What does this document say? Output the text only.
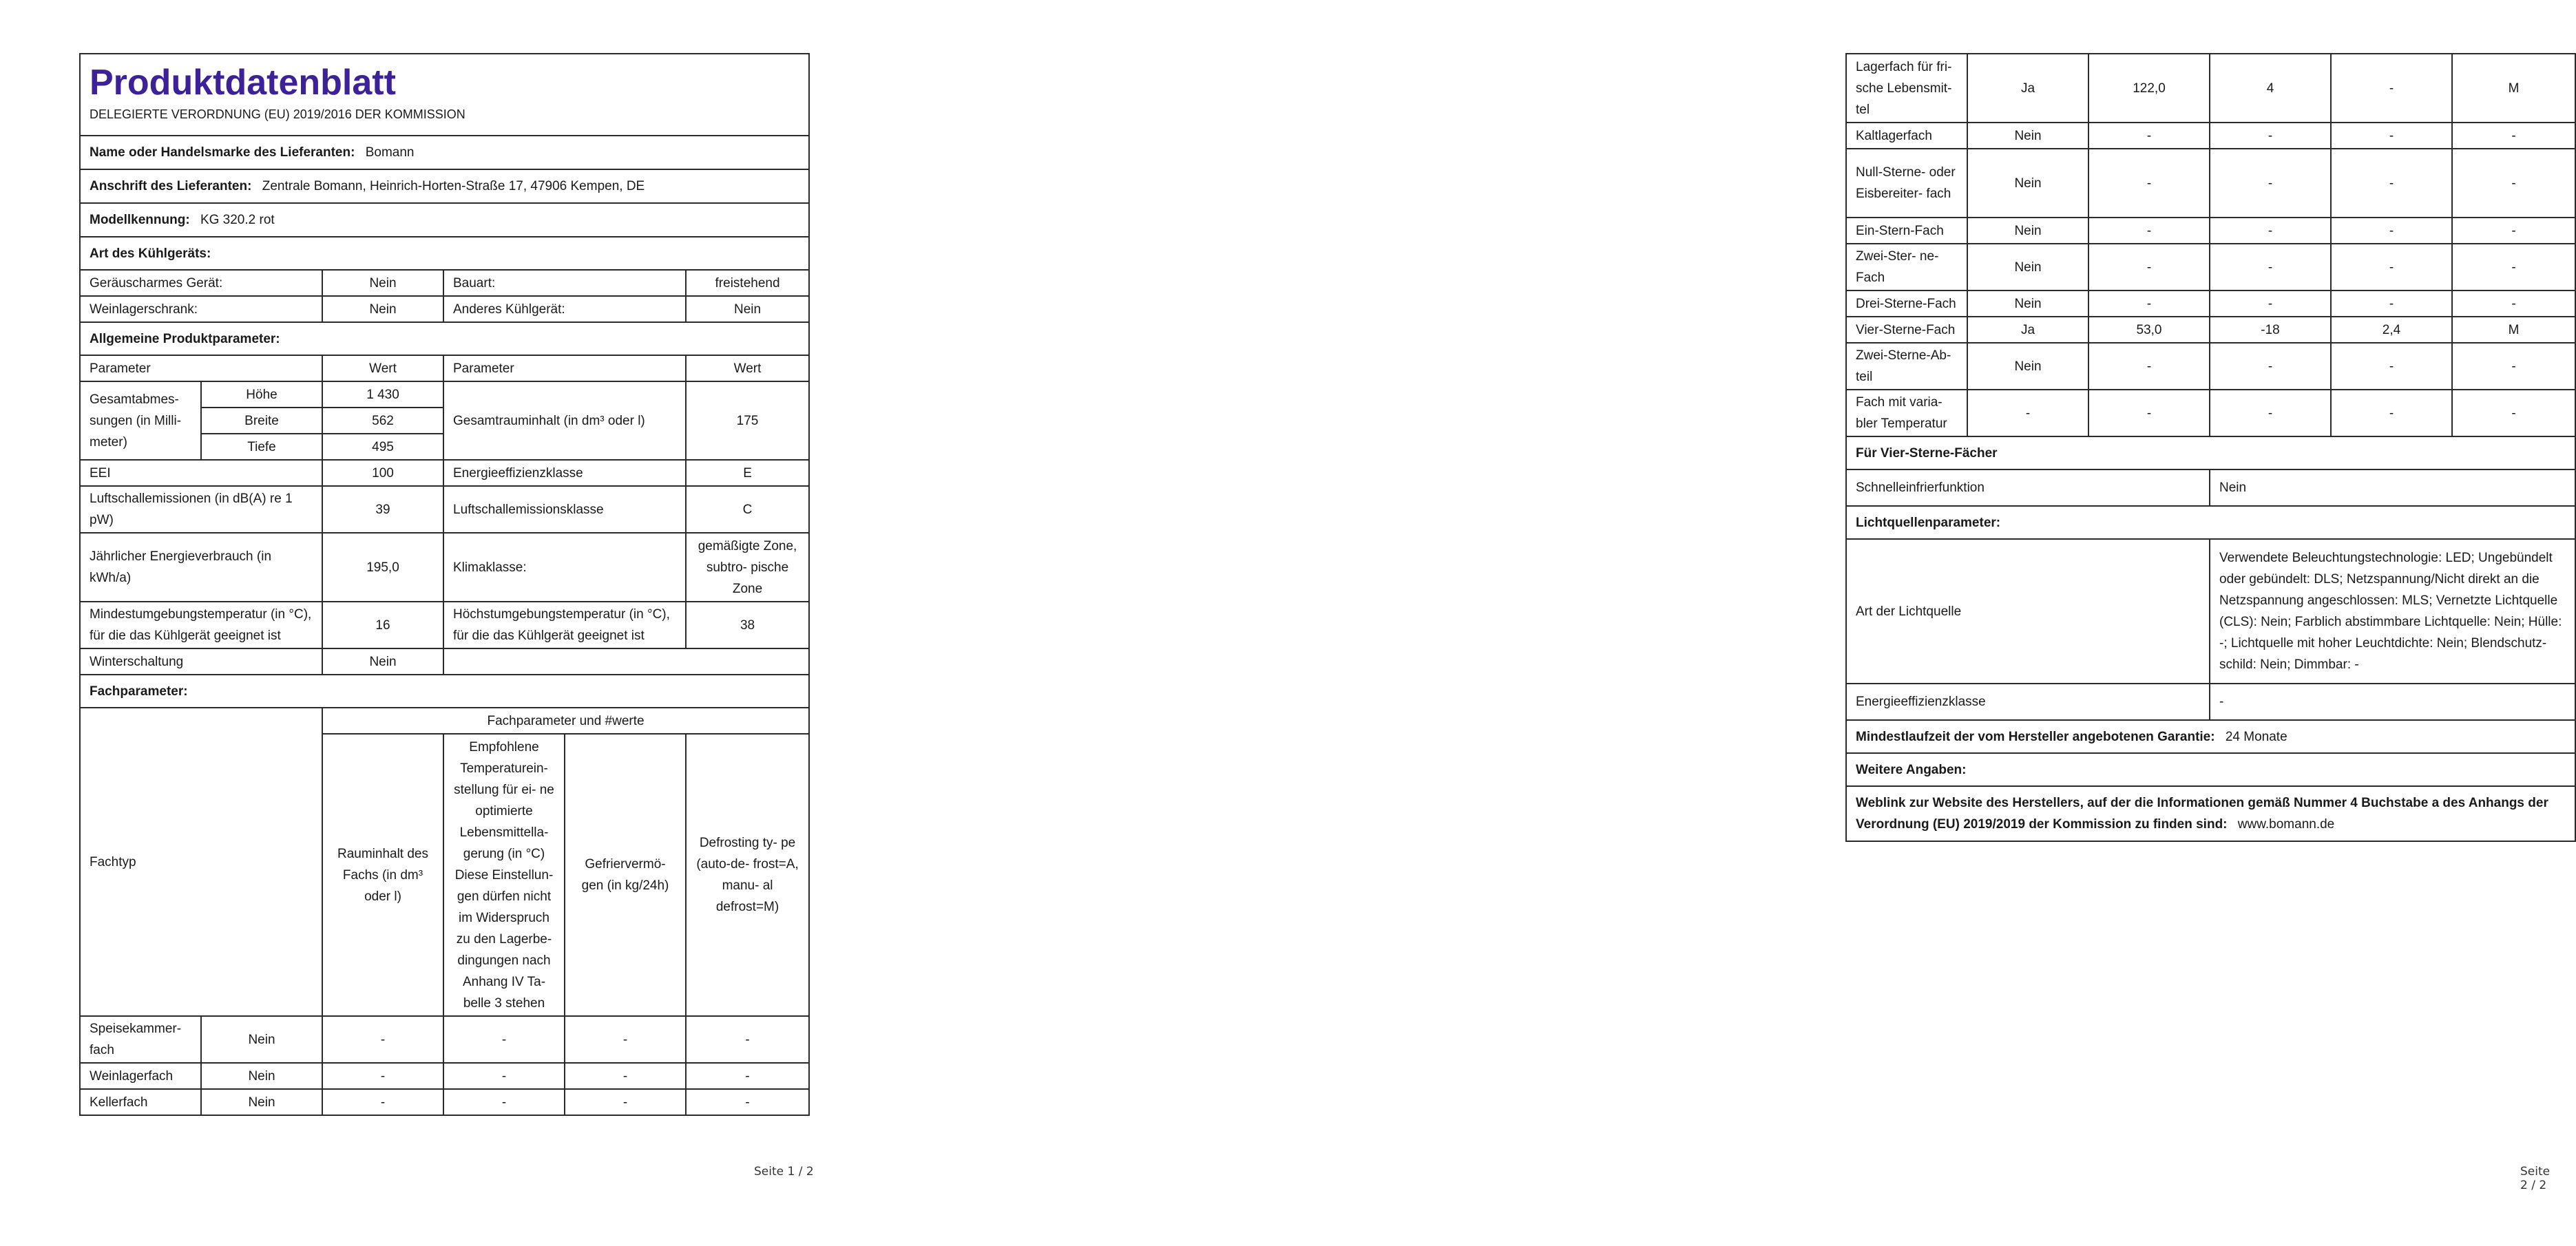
Produktdatenblatt
DELEGIERTE VERORDNUNG (EU) 2019/2016 DER KOMMISSION					

Name oder Handelsmarke des Lieferanten: Bomann					
Anschrift des Lieferanten: Zentrale Bomann, Heinrich-Horten-Straße 17, 47906 Kempen, DE					
Modellkennung: KG 320.2 rot					
Art des Kühlgeräts:					
Geräuscharmes Gerät:		Nein	Bauart:		freistehend
Weinlagerschrank:		Nein	Anderes Kühlgerät:		Nein
Allgemeine Produktparameter:					
Parameter		Wert	Parameter		Wert
Gesamtabmes- sungen (in Milli- meter)	Höhe	1 430	Gesamtrauminhalt (in dm³ oder l)		175
	Breite	562			
	Tiefe	495			
EEI		100	Energieeffizienzklasse		E
Luftschallemissionen (in dB(A) re 1 pW)		39	Luftschallemissionsklasse		C
Jährlicher Energieverbrauch (in kWh/a)		195,0	Klimaklasse:		gemäßigte Zone, subtro- pische Zone
Mindestumgebungstemperatur (in °C), für die das Kühlgerät geeignet ist		16	Höchstumgebungstemperatur (in °C), für die das Kühlgerät geeignet ist		38
Winterschaltung		Nein			
Fachparameter:					
Fachtyp		Fachparameter und #werte			
		Rauminhalt des Fachs (in dm³ oder l)	Empfohlene Temperaturein- stellung für ei- ne optimierte Lebensmittella- gerung (in °C) Diese Einstellun- gen dürfen nicht im Widerspruch zu den Lagerbe- dingungen nach Anhang IV Ta- belle 3 stehen	Gefriervermö- gen (in kg/24h)	Defrosting ty- pe (auto-de- frost=A, manu- al defrost=M)
Speisekammer- fach	Nein	-	-	-	-
Weinlagerfach	Nein	-	-	-	-
Kellerfach	Nein	-	-	-	-
Seite 1 / 2
Lagerfach für fri- sche Lebensmit- tel	Ja	122,0	4	-	M
Kaltlagerfach	Nein	-	-	-	-
Null-Sterne- oder Eisbereiter- fach	Nein	-	-	-	-
Ein-Stern-Fach	Nein	-	-	-	-
Zwei-Ster- ne-Fach	Nein	-	-	-	-
Drei-Sterne-Fach	Nein	-	-	-	-
Vier-Sterne-Fach	Ja	53,0	-18	2,4	M
Zwei-Sterne-Ab- teil	Nein	-	-	-	-
Fach mit varia- bler Temperatur	-	-	-	-	-
Für Vier-Sterne-Fächer					
Schnelleinfrierfunktion			Nein		
Lichtquellenparameter:					
Art der Lichtquelle			Verwendete Beleuchtungstechnologie: LED; Ungebündelt oder gebündelt: DLS; Netzspannung/Nicht direkt an die Netzspannung angeschlossen: MLS; Vernetzte Lichtquelle (CLS): Nein; Farblich abstimmbare Lichtquelle: Nein; Hülle: -; Lichtquelle mit hoher Leuchtdichte: Nein; Blendschutz- schild: Nein; Dimmbar: -		
Energieeffizienzklasse			-		
Mindestlaufzeit der vom Hersteller angebotenen Garantie: 24 Monate					
Weitere Angaben:					
Weblink zur Website des Herstellers, auf der die Informationen gemäß Nummer 4 Buchstabe a des Anhangs der Verordnung (EU) 2019/2019 der Kommission zu finden sind: www.bomann.de					
Seite 2 / 2
